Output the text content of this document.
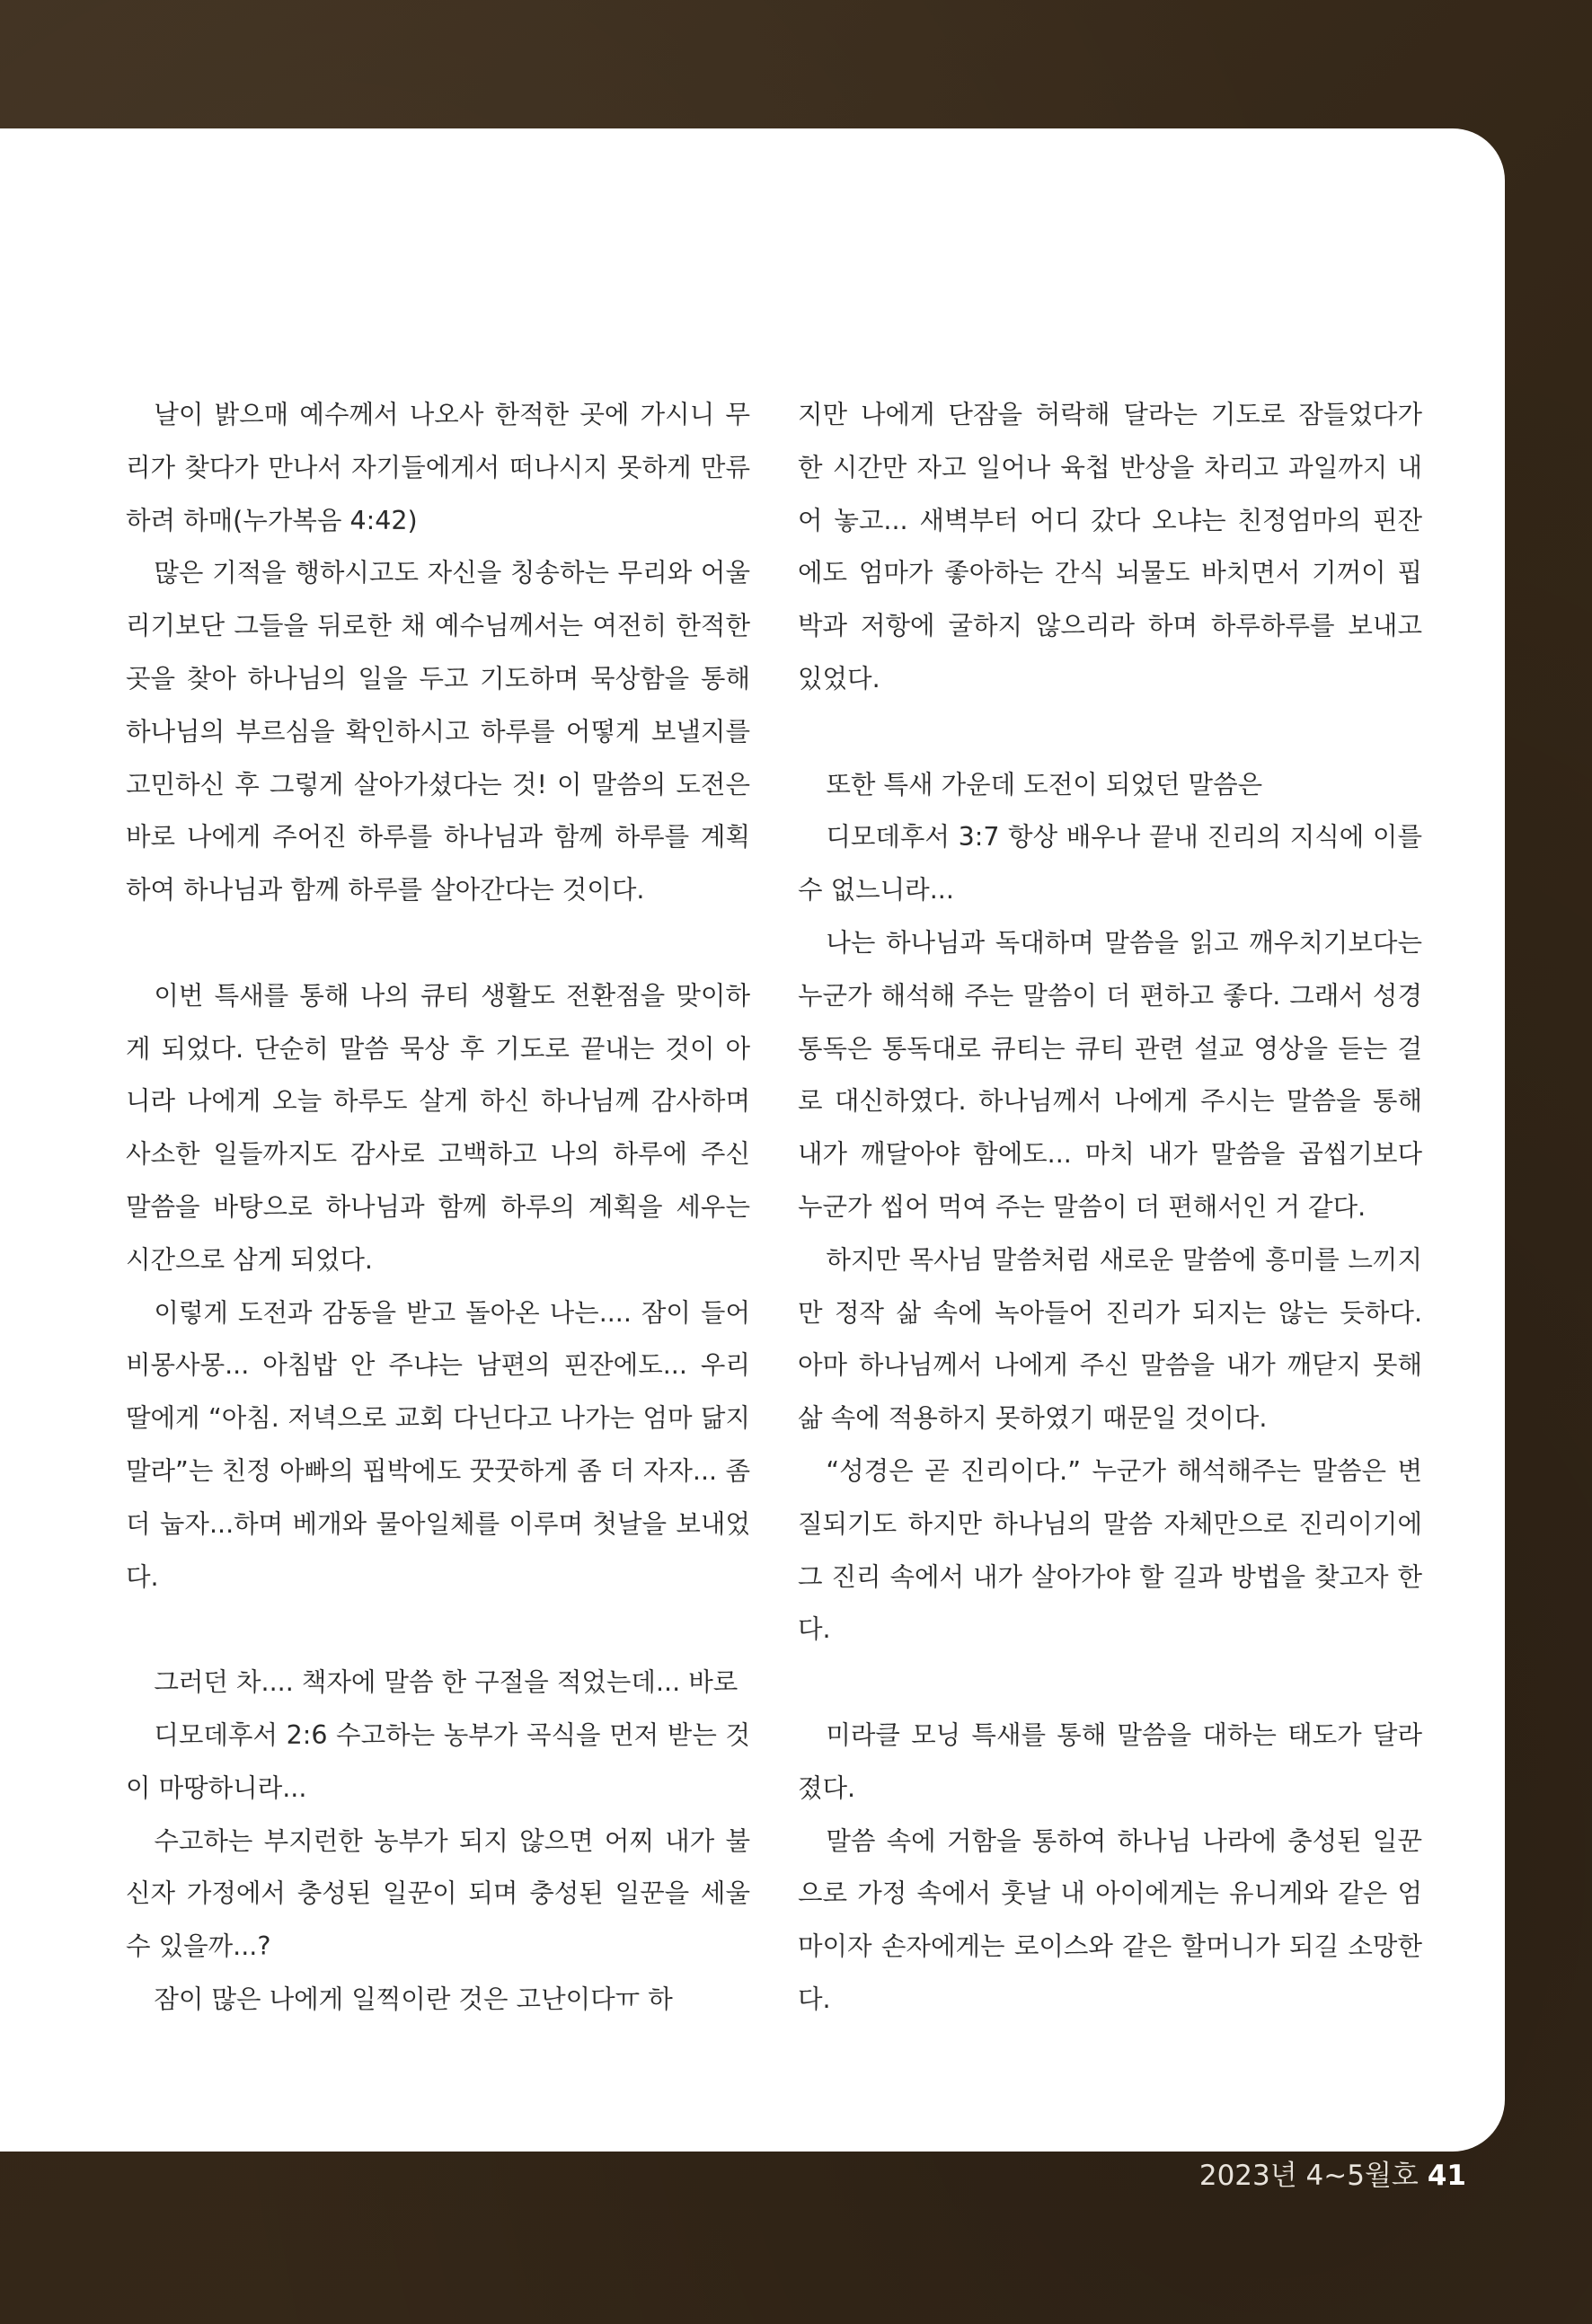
날이 밝으매 예수께서 나오사 한적한 곳에 가시니 무리가 찾다가 만나서 자기들에게서 떠나시지 못하게 만류하려 하매(누가복음 4:42)

많은 기적을 행하시고도 자신을 칭송하는 무리와 어울리기보단 그들을 뒤로한 채 예수님께서는 여전히 한적한 곳을 찾아 하나님의 일을 두고 기도하며 묵상함을 통해 하나님의 부르심을 확인하시고 하루를 어떻게 보낼지를 고민하신 후 그렇게 살아가셨다는 것! 이 말씀의 도전은 바로 나에게 주어진 하루를 하나님과 함께 하루를 계획하여 하나님과 함께 하루를 살아간다는 것이다.

이번 특새를 통해 나의 큐티 생활도 전환점을 맞이하게 되었다. 단순히 말씀 묵상 후 기도로 끝내는 것이 아니라 나에게 오늘 하루도 살게 하신 하나님께 감사하며 사소한 일들까지도 감사로 고백하고 나의 하루에 주신 말씀을 바탕으로 하나님과 함께 하루의 계획을 세우는 시간으로 삼게 되었다.

이렇게 도전과 감동을 받고 돌아온 나는.... 잠이 들어 비몽사몽... 아침밥 안 주냐는 남편의 핀잔에도... 우리 딸에게 “아침. 저녁으로 교회 다닌다고 나가는 엄마 닮지 말라”는 친정 아빠의 핍박에도 꿋꿋하게 좀 더 자자... 좀 더 눕자...하며 베개와 물아일체를 이루며 첫날을 보내었다.

그러던 차.... 책자에 말씀 한 구절을 적었는데... 바로

디모데후서 2:6 수고하는 농부가 곡식을 먼저 받는 것이 마땅하니라...

수고하는 부지런한 농부가 되지 않으면 어찌 내가 불신자 가정에서 충성된 일꾼이 되며 충성된 일꾼을 세울 수 있을까...?

잠이 많은 나에게 일찍이란 것은 고난이다ㅠ 하

지만 나에게 단잠을 허락해 달라는 기도로 잠들었다가 한 시간만 자고 일어나 육첩 반상을 차리고 과일까지 내어 놓고... 새벽부터 어디 갔다 오냐는 친정엄마의 핀잔에도 엄마가 좋아하는 간식 뇌물도 바치면서 기꺼이 핍박과 저항에 굴하지 않으리라 하며 하루하루를 보내고 있었다.

또한 특새 가운데 도전이 되었던 말씀은

디모데후서 3:7 항상 배우나 끝내 진리의 지식에 이를 수 없느니라...

나는 하나님과 독대하며 말씀을 읽고 깨우치기보다는 누군가 해석해 주는 말씀이 더 편하고 좋다. 그래서 성경 통독은 통독대로 큐티는 큐티 관련 설교 영상을 듣는 걸로 대신하였다. 하나님께서 나에게 주시는 말씀을 통해 내가 깨달아야 함에도... 마치 내가 말씀을 곱씹기보다 누군가 씹어 먹여 주는 말씀이 더 편해서인 거 같다.

하지만 목사님 말씀처럼 새로운 말씀에 흥미를 느끼지만 정작 삶 속에 녹아들어 진리가 되지는 않는 듯하다. 아마 하나님께서 나에게 주신 말씀을 내가 깨닫지 못해 삶 속에 적용하지 못하였기 때문일 것이다.

“성경은 곧 진리이다.” 누군가 해석해주는 말씀은 변질되기도 하지만 하나님의 말씀 자체만으로 진리이기에 그 진리 속에서 내가 살아가야 할 길과 방법을 찾고자 한다.

미라클 모닝 특새를 통해 말씀을 대하는 태도가 달라졌다.

말씀 속에 거함을 통하여 하나님 나라에 충성된 일꾼으로 가정 속에서 훗날 내 아이에게는 유니게와 같은 엄마이자 손자에게는 로이스와 같은 할머니가 되길 소망한다.

2023년 4~5월호 41
